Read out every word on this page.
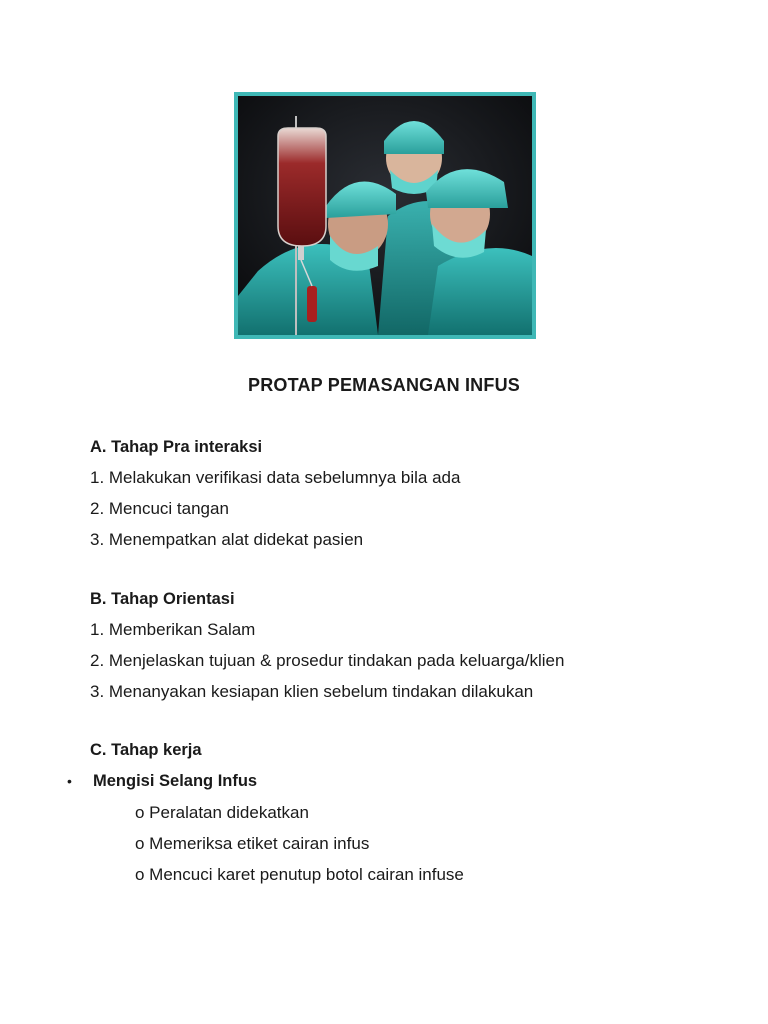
PROTAP PEMASANGAN INFUS
A. Tahap Pra interaksi
1. Melakukan verifikasi data sebelumnya bila ada
2. Mencuci tangan
3. Menempatkan alat didekat pasien
B. Tahap Orientasi
1. Memberikan Salam
2. Menjelaskan tujuan & prosedur tindakan pada keluarga/klien
3. Menanyakan kesiapan klien sebelum tindakan dilakukan
C. Tahap kerja
• Mengisi Selang Infus
o Peralatan didekatkan
o Memeriksa etiket cairan infus
o Mencuci karet penutup botol cairan infuse
